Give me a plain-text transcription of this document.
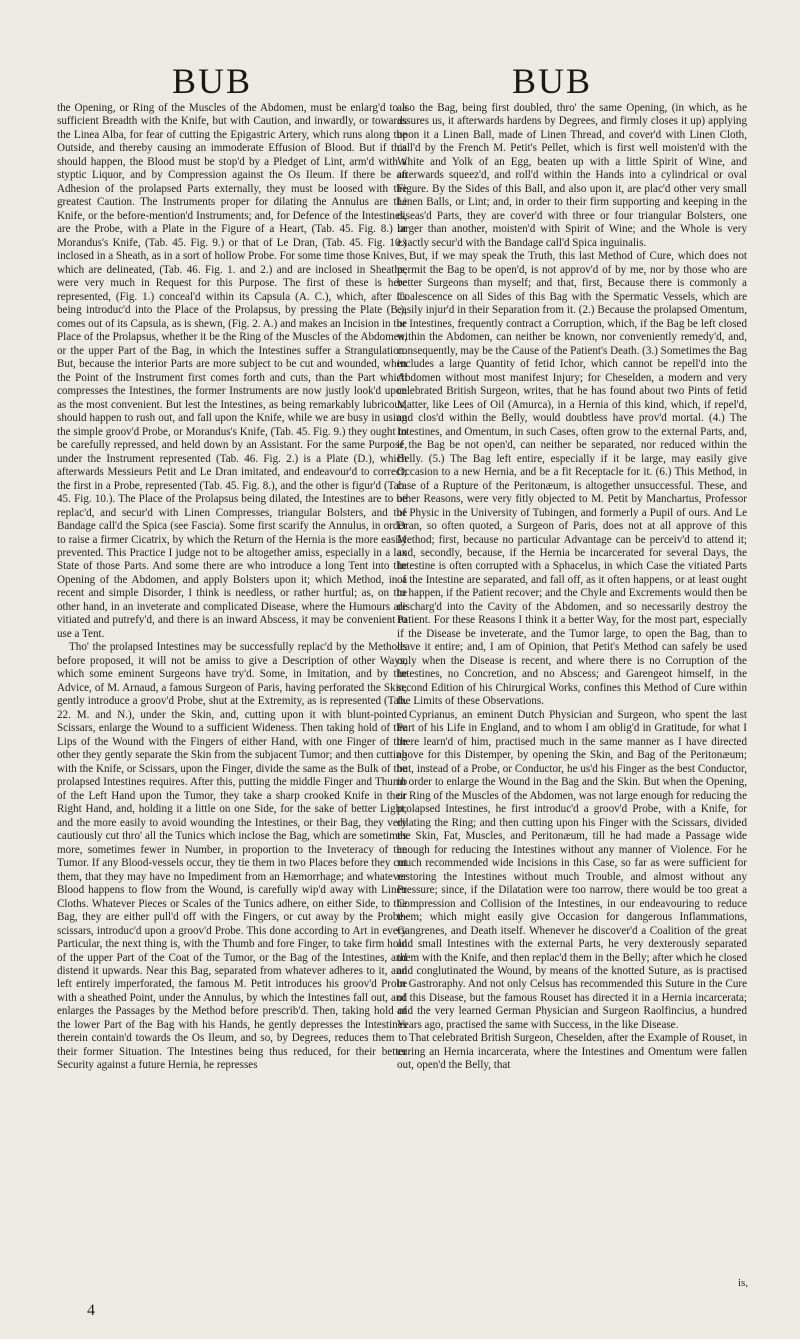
BUB	BUB

the Opening, or Ring of the Muscles of the Abdomen, must be enlarg'd to a sufficient Breadth with the Knife, but with Caution, and inwardly, or towards the Linea Alba, for fear of cutting the Epigastric Artery, which runs along the Outside, and thereby causing an immoderate Effusion of Blood. But if this should happen, the Blood must be stop'd by a Pledget of Lint, arm'd with a styptic Liquor, and by Compression against the Os Ileum. If there be an Adhesion of the prolapsed Parts externally, they must be loosed with the greatest Caution. The Instruments proper for dilating the Annulus are the Knife, or the before-mention'd Instruments; and, for Defence of the Intestines, are the Probe, with a Plate in the Figure of a Heart, (Tab. 45. Fig. 8.) or Morandus's Knife, (Tab. 45. Fig. 9.) or that of Le Dran, (Tab. 45. Fig. 10.) inclosed in a Sheath, as in a sort of hollow Probe. For some time those Knives, which are delineated, (Tab. 46. Fig. 1. and 2.) and are inclosed in Sheaths, were very much in Request for this Purpose. The first of these is here represented, (Fig. 1.) conceal'd within its Capsula (A. C.), which, after its being introduc'd into the Place of the Prolapsus, by pressing the Plate (B.), comes out of its Capsula, as is shewn, (Fig. 2. A.) and makes an Incision in the Place of the Prolapsus, whether it be the Ring of the Muscles of the Abdomen, or the upper Part of the Bag, in which the Intestines suffer a Strangulation. But, because the interior Parts are more subject to be cut and wounded, when the Point of the Instrument first comes forth and cuts, than the Part which compresses the Intestines, the former Instruments are now justly look'd upon as the most convenient. But lest the Intestines, as being remarkably lubricous, should happen to rush out, and fall upon the Knife, while we are busy in using the simple groov'd Probe, or Morandus's Knife, (Tab. 45. Fig. 9.) they ought to be carefully repressed, and held down by an Assistant. For the same Purpose, under the Instrument represented (Tab. 46. Fig. 2.) is a Plate (D.), which afterwards Messieurs Petit and Le Dran imitated, and endeavour'd to correct; the first in a Probe, represented (Tab. 45. Fig. 8.), and the other is figur'd (Tab. 45. Fig. 10.). The Place of the Prolapsus being dilated, the Intestines are to be replac'd, and secur'd with Linen Compresses, triangular Bolsters, and the Bandage call'd the Spica (see Fascia). Some first scarify the Annulus, in order to raise a firmer Cicatrix, by which the Return of the Hernia is the more easily prevented. This Practice I judge not to be altogether amiss, especially in a lax State of those Parts. And some there are who introduce a long Tent into the Opening of the Abdomen, and apply Bolsters upon it; which Method, in a recent and simple Disorder, I think is needless, or rather hurtful; as, on the other hand, in an inveterate and complicated Disease, where the Humours are vitiated and putrefy'd, and there is an inward Abscess, it may be convenient to use a Tent.

Tho' the prolapsed Intestines may be successfully replac'd by the Methods before proposed, it will not be amiss to give a Description of other Ways, which some eminent Surgeons have try'd. Some, in Imitation, and by the Advice, of M. Arnaud, a famous Surgeon of Paris, having perforated the Skin, gently introduce a groov'd Probe, shut at the Extremity, as is represented (Tab. 22. M. and N.), under the Skin, and, cutting upon it with blunt-pointed Scissars, enlarge the Wound to a sufficient Wideness. Then taking hold of the Lips of the Wound with the Fingers of either Hand, with one Finger of the other they gently separate the Skin from the subjacent Tumor; and then cutting with the Knife, or Scissars, upon the Finger, divide the same as the Bulk of the prolapsed Intestines requires. After this, putting the middle Finger and Thumb of the Left Hand upon the Tumor, they take a sharp crooked Knife in their Right Hand, and, holding it a little on one Side, for the sake of better Light, and the more easily to avoid wounding the Intestines, or their Bag, they very cautiously cut thro' all the Tunics which inclose the Bag, which are sometimes more, sometimes fewer in Number, in proportion to the Inveteracy of the Tumor. If any Blood-vessels occur, they tie them in two Places before they cut them, that they may have no Impediment from an Hæmorrhage; and whatever Blood happens to flow from the Wound, is carefully wip'd away with Linen Cloths. Whatever Pieces or Scales of the Tunics adhere, on either Side, to the Bag, they are either pull'd off with the Fingers, or cut away by the Probe-scissars, introduc'd upon a groov'd Probe. This done according to Art in every Particular, the next thing is, with the Thumb and fore Finger, to take firm hold of the upper Part of the Coat of the Tumor, or the Bag of the Intestines, and distend it upwards. Near this Bag, separated from whatever adheres to it, and left entirely imperforated, the famous M. Petit introduces his groov'd Probe with a sheathed Point, under the Annulus, by which the Intestines fall out, and enlarges the Passages by the Method before prescrib'd. Then, taking hold of the lower Part of the Bag with his Hands, he gently depresses the Intestines therein contain'd towards the Os Ileum, and so, by Degrees, reduces them to their former Situation. The Intestines being thus reduced, for their better Security against a future Hernia, he represses

also the Bag, being first doubled, thro' the same Opening, (in which, as he assures us, it afterwards hardens by Degrees, and firmly closes it up) applying upon it a Linen Ball, made of Linen Thread, and cover'd with Linen Cloth, call'd by the French M. Petit's Pellet, which is first well moisten'd with the White and Yolk of an Egg, beaten up with a little Spirit of Wine, and afterwards squeez'd, and roll'd within the Hands into a cylindrical or oval Figure. By the Sides of this Ball, and also upon it, are plac'd other very small Linen Balls, or Lint; and, in order to their firm supporting and keeping in the diseas'd Parts, they are cover'd with three or four triangular Bolsters, one larger than another, moisten'd with Spirit of Wine; and the Whole is very exactly secur'd with the Bandage call'd Spica inguinalis.

But, if we may speak the Truth, this last Method of Cure, which does not permit the Bag to be open'd, is not approv'd of by me, nor by those who are better Surgeons than myself; and that, first, Because there is commonly a Coalescence on all Sides of this Bag with the Spermatic Vessels, which are easily injur'd in their Separation from it. (2.) Because the prolapsed Omentum, or Intestines, frequently contract a Corruption, which, if the Bag be left closed within the Abdomen, can neither be known, nor conveniently remedy'd, and, consequently, may be the Cause of the Patient's Death. (3.) Sometimes the Bag includes a large Quantity of fetid Ichor, which cannot be repell'd into the Abdomen without most manifest Injury; for Cheselden, a modern and very celebrated British Surgeon, writes, that he has found about two Pints of fetid Matter, like Lees of Oil (Amurca), in a Hernia of this kind, which, if repel'd, and clos'd within the Belly, would doubtless have prov'd mortal. (4.) The Intestines, and Omentum, in such Cases, often grow to the external Parts, and, if the Bag be not open'd, can neither be separated, nor reduced within the Belly. (5.) The Bag left entire, especially if it be large, may easily give Occasion to a new Hernia, and be a fit Receptacle for it. (6.) This Method, in case of a Rupture of the Peritonæum, is altogether unsuccessful. These, and other Reasons, were very fitly objected to M. Petit by Manchartus, Professor of Physic in the University of Tubingen, and formerly a Pupil of ours. And Le Dran, so often quoted, a Surgeon of Paris, does not at all approve of this Method; first, because no particular Advantage can be perceiv'd to attend it; and, secondly, because, if the Hernia be incarcerated for several Days, the Intestine is often corrupted with a Sphacelus, in which Case the vitiated Parts of the Intestine are separated, and fall off, as it often happens, or at least ought to happen, if the Patient recover; and the Chyle and Excrements would then be discharg'd into the Cavity of the Abdomen, and so necessarily destroy the Patient. For these Reasons I think it a better Way, for the most part, especially if the Disease be inveterate, and the Tumor large, to open the Bag, than to leave it entire; and, I am of Opinion, that Petit's Method can safely be used only when the Disease is recent, and where there is no Corruption of the Intestines, no Concretion, and no Abscess; and Garengeot himself, in the second Edition of his Chirurgical Works, confines this Method of Cure within the Limits of these Observations.

Cyprianus, an eminent Dutch Physician and Surgeon, who spent the last Part of his Life in England, and to whom I am oblig'd in Gratitude, for what I there learn'd of him, practised much in the same manner as I have directed above for this Distemper, by opening the Skin, and Bag of the Peritonæum; but, instead of a Probe, or Conductor, he us'd his Finger as the best Conductor, in order to enlarge the Wound in the Bag and the Skin. But when the Opening, or Ring of the Muscles of the Abdomen, was not large enough for reducing the prolapsed Intestines, he first introduc'd a groov'd Probe, with a Knife, for dilating the Ring; and then cutting upon his Finger with the Scissars, divided the Skin, Fat, Muscles, and Peritonæum, till he had made a Passage wide enough for reducing the Intestines without any manner of Violence. For he much recommended wide Incisions in this Case, so far as were sufficient for restoring the Intestines without much Trouble, and almost without any Pressure; since, if the Dilatation were too narrow, there would be too great a Compression and Collision of the Intestines, in our endeavouring to reduce them; which might easily give Occasion for dangerous Inflammations, Gangrenes, and Death itself. Whenever he discover'd a Coalition of the great and small Intestines with the external Parts, he very dexterously separated them with the Knife, and then replac'd them in the Belly; after which he closed and conglutinated the Wound, by means of the knotted Suture, as is practised in Gastroraphy. And not only Celsus has recommended this Suture in the Cure of this Disease, but the famous Rouset has directed it in a Hernia incarcerata; and the very learned German Physician and Surgeon Raolfincius, a hundred Years ago, practised the same with Success, in the like Disease.

That celebrated British Surgeon, Cheselden, after the Example of Rouset, in curing an Hernia incarcerata, where the Intestines and Omentum were fallen out, open'd the Belly, that

4
is,
